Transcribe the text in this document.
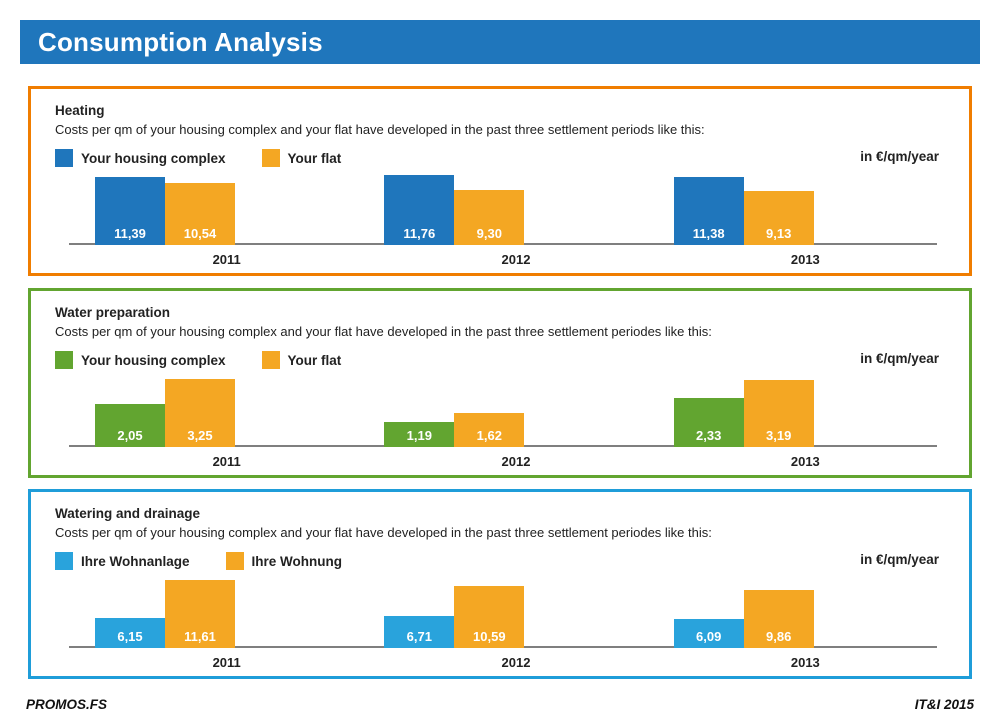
Consumption Analysis
Heating
Costs per qm of your housing complex and your flat have developed in the past three settlement periods like this:
Your housing complex	Your flat	in €/qm/year
11,39	10,54
2011
11,76	9,30
2012
11,38	9,13
2013
Water preparation
Costs per qm of your housing complex and your flat have developed in the past three settlement periodes like this:
Your housing complex	Your flat	in €/qm/year
2,05	3,25
2011
1,19	1,62
2012
2,33	3,19
2013
Watering and drainage
Costs per qm of your housing complex and your flat have developed in the past three settlement periodes like this:
Ihre Wohnanlage	Ihre Wohnung	in €/qm/year
6,15	11,61
2011
6,71	10,59
2012
6,09	9,86
2013
PROMOS.FS	IT&I 2015
